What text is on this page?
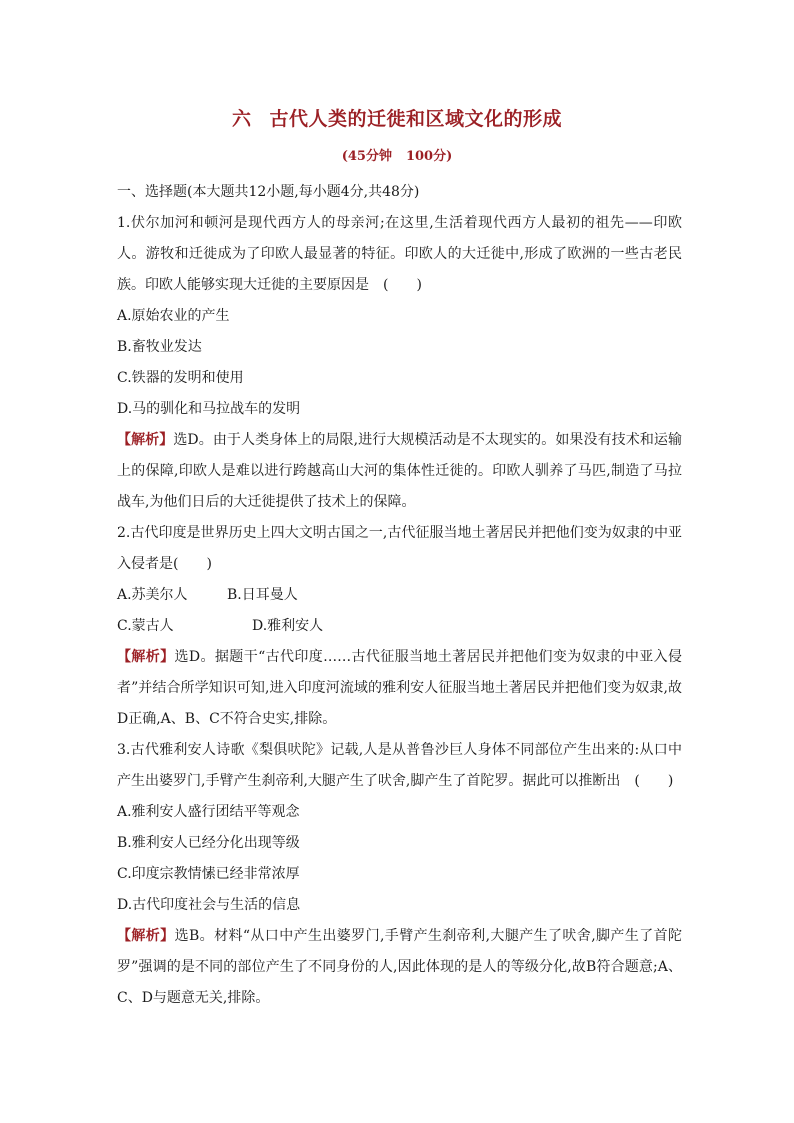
六 古代人类的迁徙和区域文化的形成
(45分钟 100分)

一、选择题(本大题共12小题,每小题4分,共48分)

1.伏尔加河和顿河是现代西方人的母亲河;在这里,生活着现代西方人最初的祖先——印欧人。游牧和迁徙成为了印欧人最显著的特征。印欧人的大迁徙中,形成了欧洲的一些古老民族。印欧人能够实现大迁徙的主要原因是 (　　)

A.原始农业的产生

B.畜牧业发达

C.铁器的发明和使用

D.马的驯化和马拉战车的发明

【解析】选D。由于人类身体上的局限,进行大规模活动是不太现实的。如果没有技术和运输上的保障,印欧人是难以进行跨越高山大河的集体性迁徙的。印欧人驯养了马匹,制造了马拉战车,为他们日后的大迁徙提供了技术上的保障。

2.古代印度是世界历史上四大文明古国之一,古代征服当地土著居民并把他们变为奴隶的中亚入侵者是(　　)

A.苏美尔人	B.日耳曼人

C.蒙古人	D.雅利安人

【解析】选D。据题干“古代印度……古代征服当地土著居民并把他们变为奴隶的中亚入侵者”并结合所学知识可知,进入印度河流域的雅利安人征服当地土著居民并把他们变为奴隶,故D正确,A、B、C不符合史实,排除。

3.古代雅利安人诗歌《梨俱吠陀》记载,人是从普鲁沙巨人身体不同部位产生出来的:从口中产生出婆罗门,手臂产生刹帝利,大腿产生了吠舍,脚产生了首陀罗。据此可以推断出 (　　)

A.雅利安人盛行团结平等观念

B.雅利安人已经分化出现等级

C.印度宗教情愫已经非常浓厚

D.古代印度社会与生活的信息

【解析】选B。材料“从口中产生出婆罗门,手臂产生刹帝利,大腿产生了吠舍,脚产生了首陀罗”强调的是不同的部位产生了不同身份的人,因此体现的是人的等级分化,故B符合题意;A、C、D与题意无关,排除。
